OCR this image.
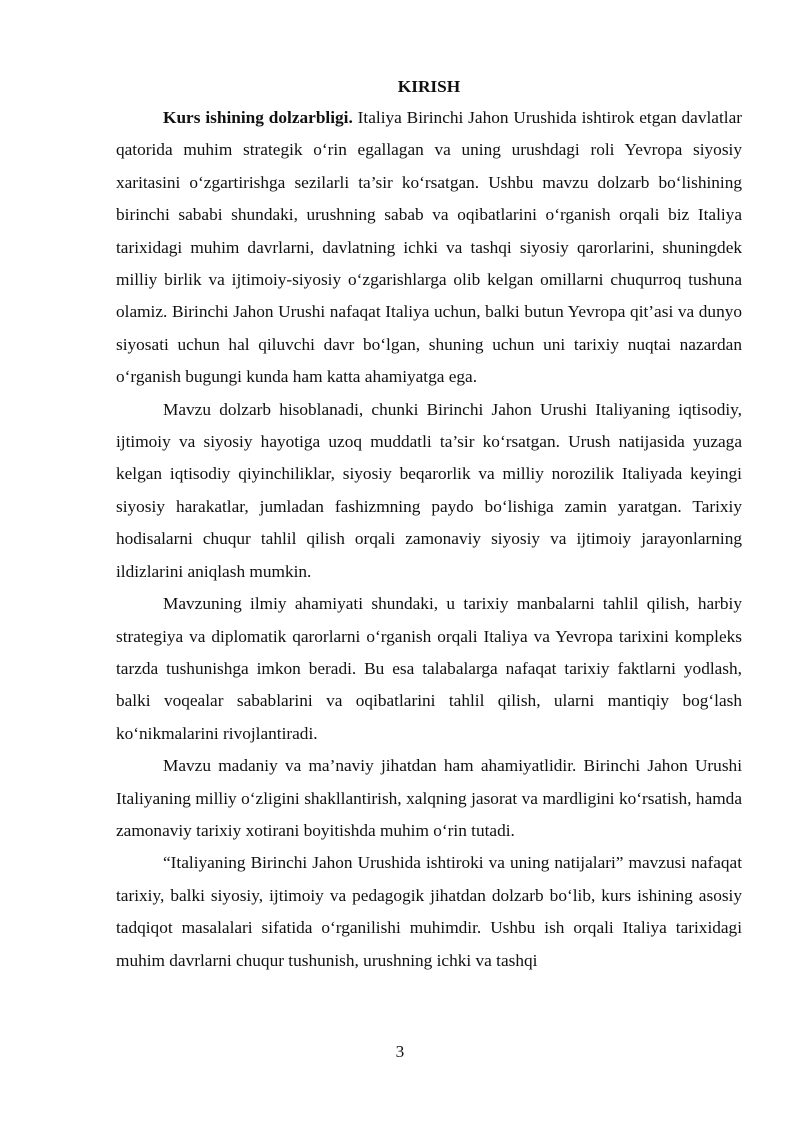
KIRISH

Kurs ishining dolzarbligi. Italiya Birinchi Jahon Urushida ishtirok etgan davlatlar qatorida muhim strategik o‘rin egallagan va uning urushdagi roli Yevropa siyosiy xaritasini o‘zgartirishga sezilarli ta’sir ko‘rsatgan. Ushbu mavzu dolzarb bo‘lishining birinchi sababi shundaki, urushning sabab va oqibatlarini o‘rganish orqali biz Italiya tarixidagi muhim davrlarni, davlatning ichki va tashqi siyosiy qarorlarini, shuningdek milliy birlik va ijtimoiy-siyosiy o‘zgarishlarga olib kelgan omillarni chuqurroq tushuna olamiz. Birinchi Jahon Urushi nafaqat Italiya uchun, balki butun Yevropa qit’asi va dunyo siyosati uchun hal qiluvchi davr bo‘lgan, shuning uchun uni tarixiy nuqtai nazardan o‘rganish bugungi kunda ham katta ahamiyatga ega.

Mavzu dolzarb hisoblanadi, chunki Birinchi Jahon Urushi Italiyaning iqtisodiy, ijtimoiy va siyosiy hayotiga uzoq muddatli ta’sir ko‘rsatgan. Urush natijasida yuzaga kelgan iqtisodiy qiyinchiliklar, siyosiy beqarorlik va milliy norozilik Italiyada keyingi siyosiy harakatlar, jumladan fashizmning paydo bo‘lishiga zamin yaratgan. Tarixiy hodisalarni chuqur tahlil qilish orqali zamonaviy siyosiy va ijtimoiy jarayonlarning ildizlarini aniqlash mumkin.

Mavzuning ilmiy ahamiyati shundaki, u tarixiy manbalarni tahlil qilish, harbiy strategiya va diplomatik qarorlarni o‘rganish orqali Italiya va Yevropa tarixini kompleks tarzda tushunishga imkon beradi. Bu esa talabalarga nafaqat tarixiy faktlarni yodlash, balki voqealar sabablarini va oqibatlarini tahlil qilish, ularni mantiqiy bog‘lash ko‘nikmalarini rivojlantiradi.

Mavzu madaniy va ma’naviy jihatdan ham ahamiyatlidir. Birinchi Jahon Urushi Italiyaning milliy o‘zligini shakllantirish, xalqning jasorat va mardligini ko‘rsatish, hamda zamonaviy tarixiy xotirani boyitishda muhim o‘rin tutadi.

“Italiyaning Birinchi Jahon Urushida ishtiroki va uning natijalari” mavzusi nafaqat tarixiy, balki siyosiy, ijtimoiy va pedagogik jihatdan dolzarb bo‘lib, kurs ishining asosiy tadqiqot masalalari sifatida o‘rganilishi muhimdir. Ushbu ish orqali Italiya tarixidagi muhim davrlarni chuqur tushunish, urushning ichki va tashqi

3
